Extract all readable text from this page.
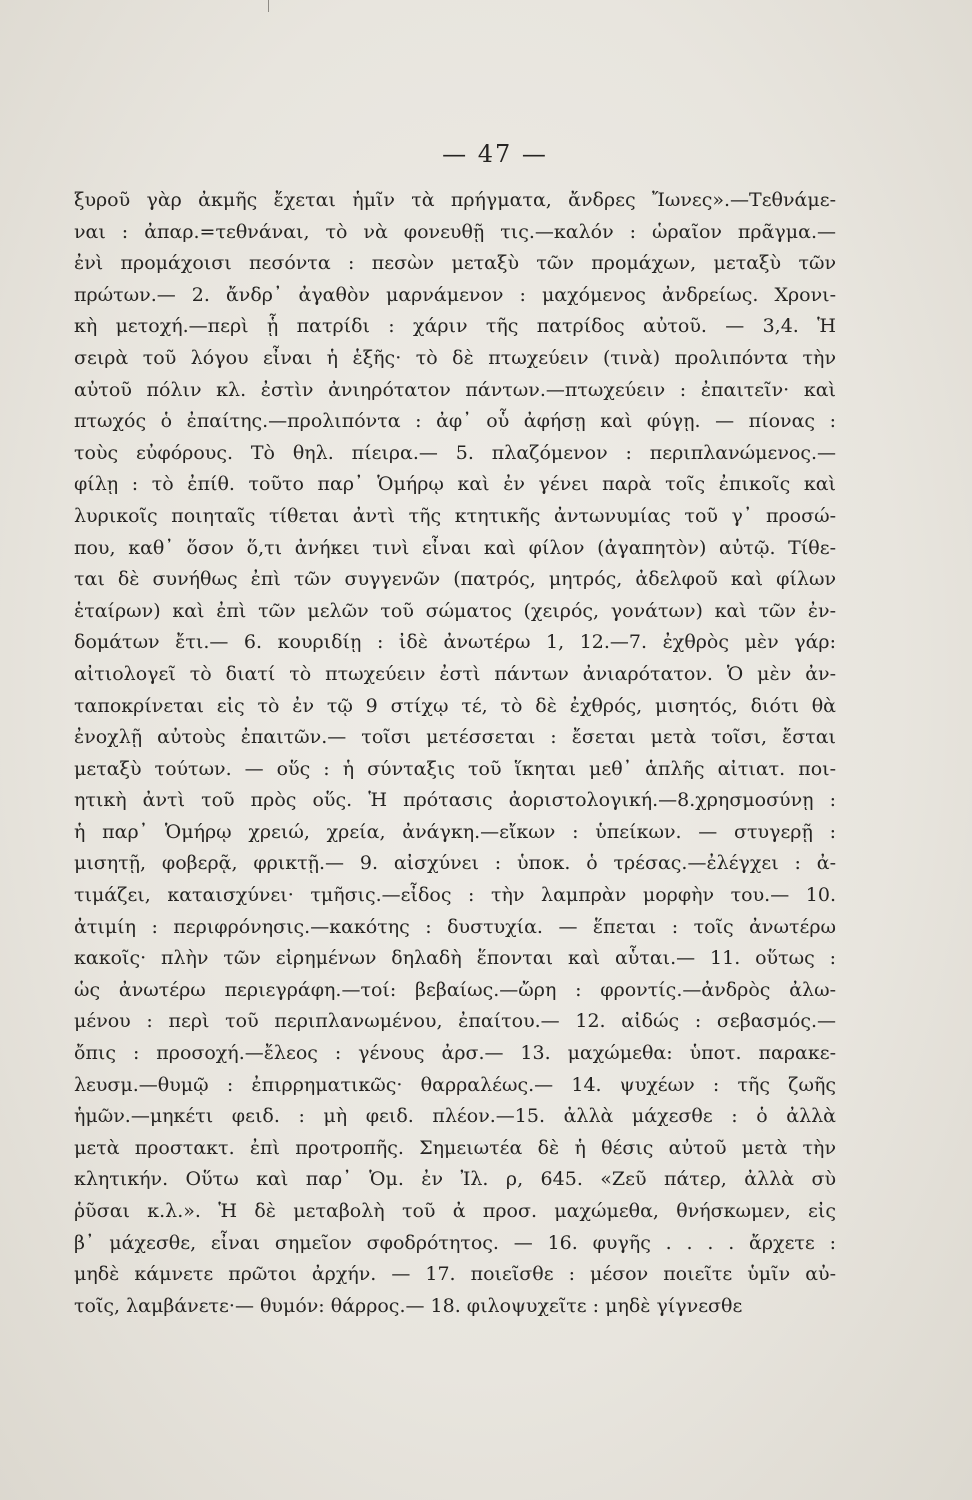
— 47 —
ξυροῦ γὰρ ἀκμῆς ἔχεται ἡμῖν τὰ πρήγματα, ἄνδρες Ἴωνες».—Τεθνάμε-
ναι : ἀπαρ.=τεθνάναι, τὸ νὰ φονευθῇ τις.—καλόν : ὡραῖον πρᾶγμα.—
ἐνὶ προμάχοισι πεσόντα : πεσὼν μεταξὺ τῶν προμάχων, μεταξὺ τῶν
πρώτων.— 2. ἄνδρ᾽ ἀγαθὸν μαρνάμενον : μαχόμενος ἀνδρείως. Χρονι-
κὴ μετοχή.—περὶ ᾗ πατρίδι : χάριν τῆς πατρίδος αὐτοῦ. — 3,4. Ἡ
σειρὰ τοῦ λόγου εἶναι ἡ ἑξῆς· τὸ δὲ πτωχεύειν (τινὰ) προλιπόντα τὴν
αὐτοῦ πόλιν κλ. ἐστὶν ἀνιηρότατον πάντων.—πτωχεύειν : ἐπαιτεῖν· καὶ
πτωχός ὁ ἐπαίτης.—προλιπόντα : ἀφ᾽ οὗ ἀφήσῃ καὶ φύγῃ. — πίονας :
τοὺς εὐφόρους. Τὸ θηλ. πίειρα.— 5. πλαζόμενον : περιπλανώμενος.—
φίλῃ : τὸ ἐπίθ. τοῦτο παρ᾽ Ὁμήρῳ καὶ ἐν γένει παρὰ τοῖς ἐπικοῖς καὶ
λυρικοῖς ποιηταῖς τίθεται ἀντὶ τῆς κτητικῆς ἀντωνυμίας τοῦ γ᾽ προσώ-
που, καθ᾽ ὅσον ὅ,τι ἀνήκει τινὶ εἶναι καὶ φίλον (ἀγαπητὸν) αὐτῷ. Τίθε-
ται δὲ συνήθως ἐπὶ τῶν συγγενῶν (πατρός, μητρός, ἀδελφοῦ καὶ φίλων
ἑταίρων) καὶ ἐπὶ τῶν μελῶν τοῦ σώματος (χειρός, γονάτων) καὶ τῶν ἐν-
δομάτων ἔτι.— 6. κουριδίῃ : ἰδὲ ἀνωτέρω 1, 12.—7. ἐχθρὸς μὲν γάρ:
αἰτιολογεῖ τὸ διατί τὸ πτωχεύειν ἐστὶ πάντων ἀνιαρότατον. Ὁ μὲν ἀν-
ταποκρίνεται εἰς τὸ ἐν τῷ 9 στίχῳ τέ, τὸ δὲ ἐχθρός, μισητός, διότι θὰ
ἐνοχλῇ αὐτοὺς ἐπαιτῶν.— τοῖσι μετέσσεται : ἔσεται μετὰ τοῖσι, ἔσται
μεταξὺ τούτων. — οὕς : ἡ σύνταξις τοῦ ἵκηται μεθ᾽ ἁπλῆς αἰτιατ. ποι-
ητικὴ ἀντὶ τοῦ πρὸς οὕς. Ἡ πρότασις ἀοριστολογική.—8.χρησμοσύνῃ :
ἡ παρ᾽ Ὁμήρῳ χρειώ, χρεία, ἀνάγκη.—εἴκων : ὑπείκων. — στυγερῇ :
μισητῇ, φοβερᾷ, φρικτῇ.— 9. αἰσχύνει : ὑποκ. ὁ τρέσας.—ἐλέγχει : ἀ-
τιμάζει, καταισχύνει· τμῆσις.—εἶδος : τὴν λαμπρὰν μορφὴν του.— 10.
ἀτιμίη : περιφρόνησις.—κακότης : δυστυχία. — ἕπεται : τοῖς ἀνωτέρω
κακοῖς· πλὴν τῶν εἰρημένων δηλαδὴ ἕπονται καὶ αὗται.— 11. οὕτως :
ὡς ἀνωτέρω περιεγράφη.—τοί: βεβαίως.—ὤρη : φροντίς.—ἀνδρὸς ἀλω-
μένου : περὶ τοῦ περιπλανωμένου, ἐπαίτου.— 12. αἰδώς : σεβασμός.—
ὄπις : προσοχή.—ἔλεος : γένους ἀρσ.— 13. μαχώμεθα: ὑποτ. παρακε-
λευσμ.—θυμῷ : ἐπιρρηματικῶς· θαρραλέως.— 14. ψυχέων : τῆς ζωῆς
ἡμῶν.—μηκέτι φειδ. : μὴ φειδ. πλέον.—15. ἀλλὰ μάχεσθε : ὁ ἀλλὰ
μετὰ προστακτ. ἐπὶ προτροπῆς. Σημειωτέα δὲ ἡ θέσις αὐτοῦ μετὰ τὴν
κλητικήν. Οὕτω καὶ παρ᾽ Ὁμ. ἐν Ἰλ. ρ, 645. «Ζεῦ πάτερ, ἀλλὰ σὺ
ῥῦσαι κ.λ.». Ἡ δὲ μεταβολὴ τοῦ ἀ προσ. μαχώμεθα, θνήσκωμεν, εἰς
β᾽ μάχεσθε, εἶναι σημεῖον σφοδρότητος. — 16. φυγῆς . . . . ἄρχετε :
μηδὲ κάμνετε πρῶτοι ἀρχήν. — 17. ποιεῖσθε : μέσον ποιεῖτε ὑμῖν αὐ-
τοῖς, λαμβάνετε·— θυμόν: θάρρος.— 18. φιλοψυχεῖτε : μηδὲ γίγνεσθε
